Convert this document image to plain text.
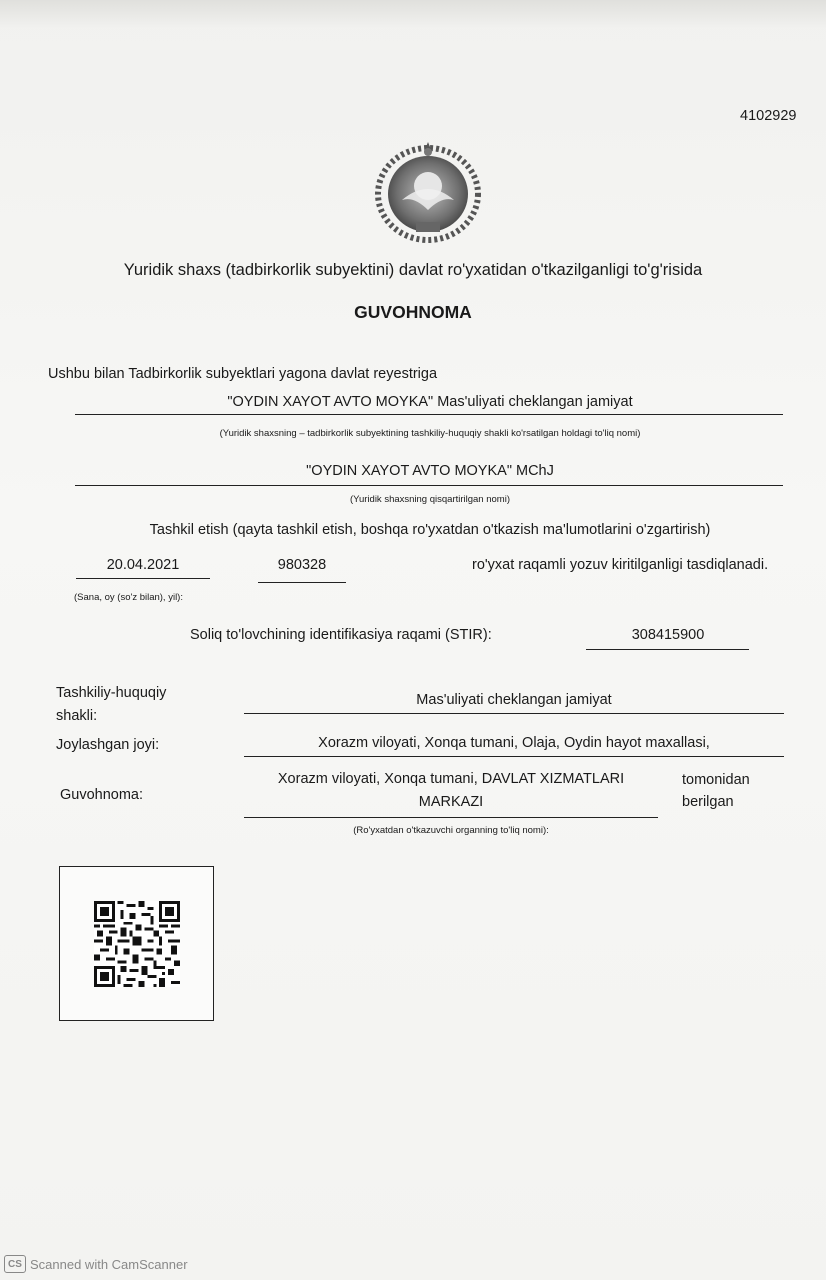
4102929
Yuridik shaxs (tadbirkorlik subyektini) davlat ro'yxatidan o'tkazilganligi to'g'risida
GUVOHNOMA
Ushbu bilan Tadbirkorlik subyektlari yagona davlat reyestriga
"OYDIN XAYOT AVTO MOYKA" Mas'uliyati cheklangan jamiyat
(Yuridik shaxsning – tadbirkorlik subyektining tashkiliy-huquqiy shakli ko'rsatilgan holdagi to'liq nomi)
"OYDIN XAYOT AVTO MOYKA" MChJ
(Yuridik shaxsning qisqartirilgan nomi)
Tashkil etish (qayta tashkil etish, boshqa ro'yxatdan o'tkazish ma'lumotlarini o'zgartirish)
20.04.2021	980328	ro'yxat raqamli yozuv kiritilganligi tasdiqlanadi.
(Sana, oy (so'z bilan), yil):
Soliq to'lovchining identifikasiya raqami (STIR):	308415900
Tashkiliy-huquqiy
shakli:
Mas'uliyati cheklangan jamiyat
Joylashgan joyi:	Xorazm viloyati, Xonqa tumani, Olaja, Oydin hayot maxallasi,
Guvohnoma:
Xorazm viloyati, Xonqa tumani, DAVLAT XIZMATLARI
MARKAZI
tomonidan
berilgan
(Ro'yxatdan o'tkazuvchi organning to'liq nomi):
CS Scanned with CamScanner
